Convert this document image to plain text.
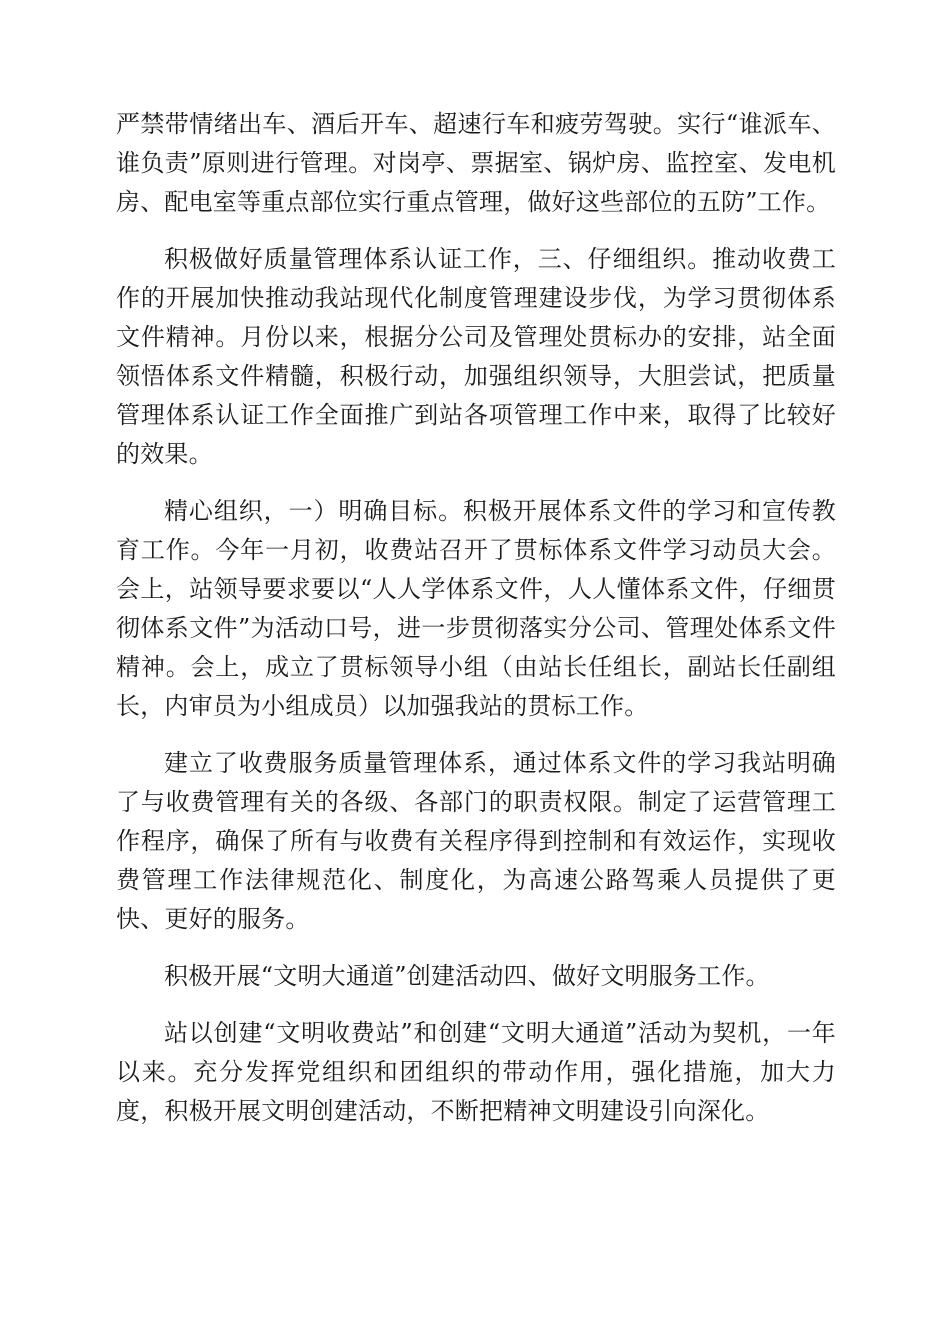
严禁带情绪出车、酒后开车、超速行车和疲劳驾驶。实行“谁派车、谁负责”原则进行管理。对岗亭、票据室、锅炉房、监控室、发电机房、配电室等重点部位实行重点管理，做好这些部位的五防”工作。

积极做好质量管理体系认证工作，三、仔细组织。推动收费工作的开展加快推动我站现代化制度管理建设步伐，为学习贯彻体系文件精神。月份以来，根据分公司及管理处贯标办的安排，站全面领悟体系文件精髓，积极行动，加强组织领导，大胆尝试，把质量管理体系认证工作全面推广到站各项管理工作中来，取得了比较好的效果。

精心组织，一）明确目标。积极开展体系文件的学习和宣传教育工作。今年一月初，收费站召开了贯标体系文件学习动员大会。会上，站领导要求要以“人人学体系文件，人人懂体系文件，仔细贯彻体系文件”为活动口号，进一步贯彻落实分公司、管理处体系文件精神。会上，成立了贯标领导小组（由站长任组长，副站长任副组长，内审员为小组成员）以加强我站的贯标工作。

建立了收费服务质量管理体系，通过体系文件的学习我站明确了与收费管理有关的各级、各部门的职责权限。制定了运营管理工作程序，确保了所有与收费有关程序得到控制和有效运作，实现收费管理工作法律规范化、制度化，为高速公路驾乘人员提供了更快、更好的服务。

积极开展“文明大通道”创建活动四、做好文明服务工作。

站以创建“文明收费站”和创建“文明大通道”活动为契机，一年以来。充分发挥党组织和团组织的带动作用，强化措施，加大力度，积极开展文明创建活动，不断把精神文明建设引向深化。
